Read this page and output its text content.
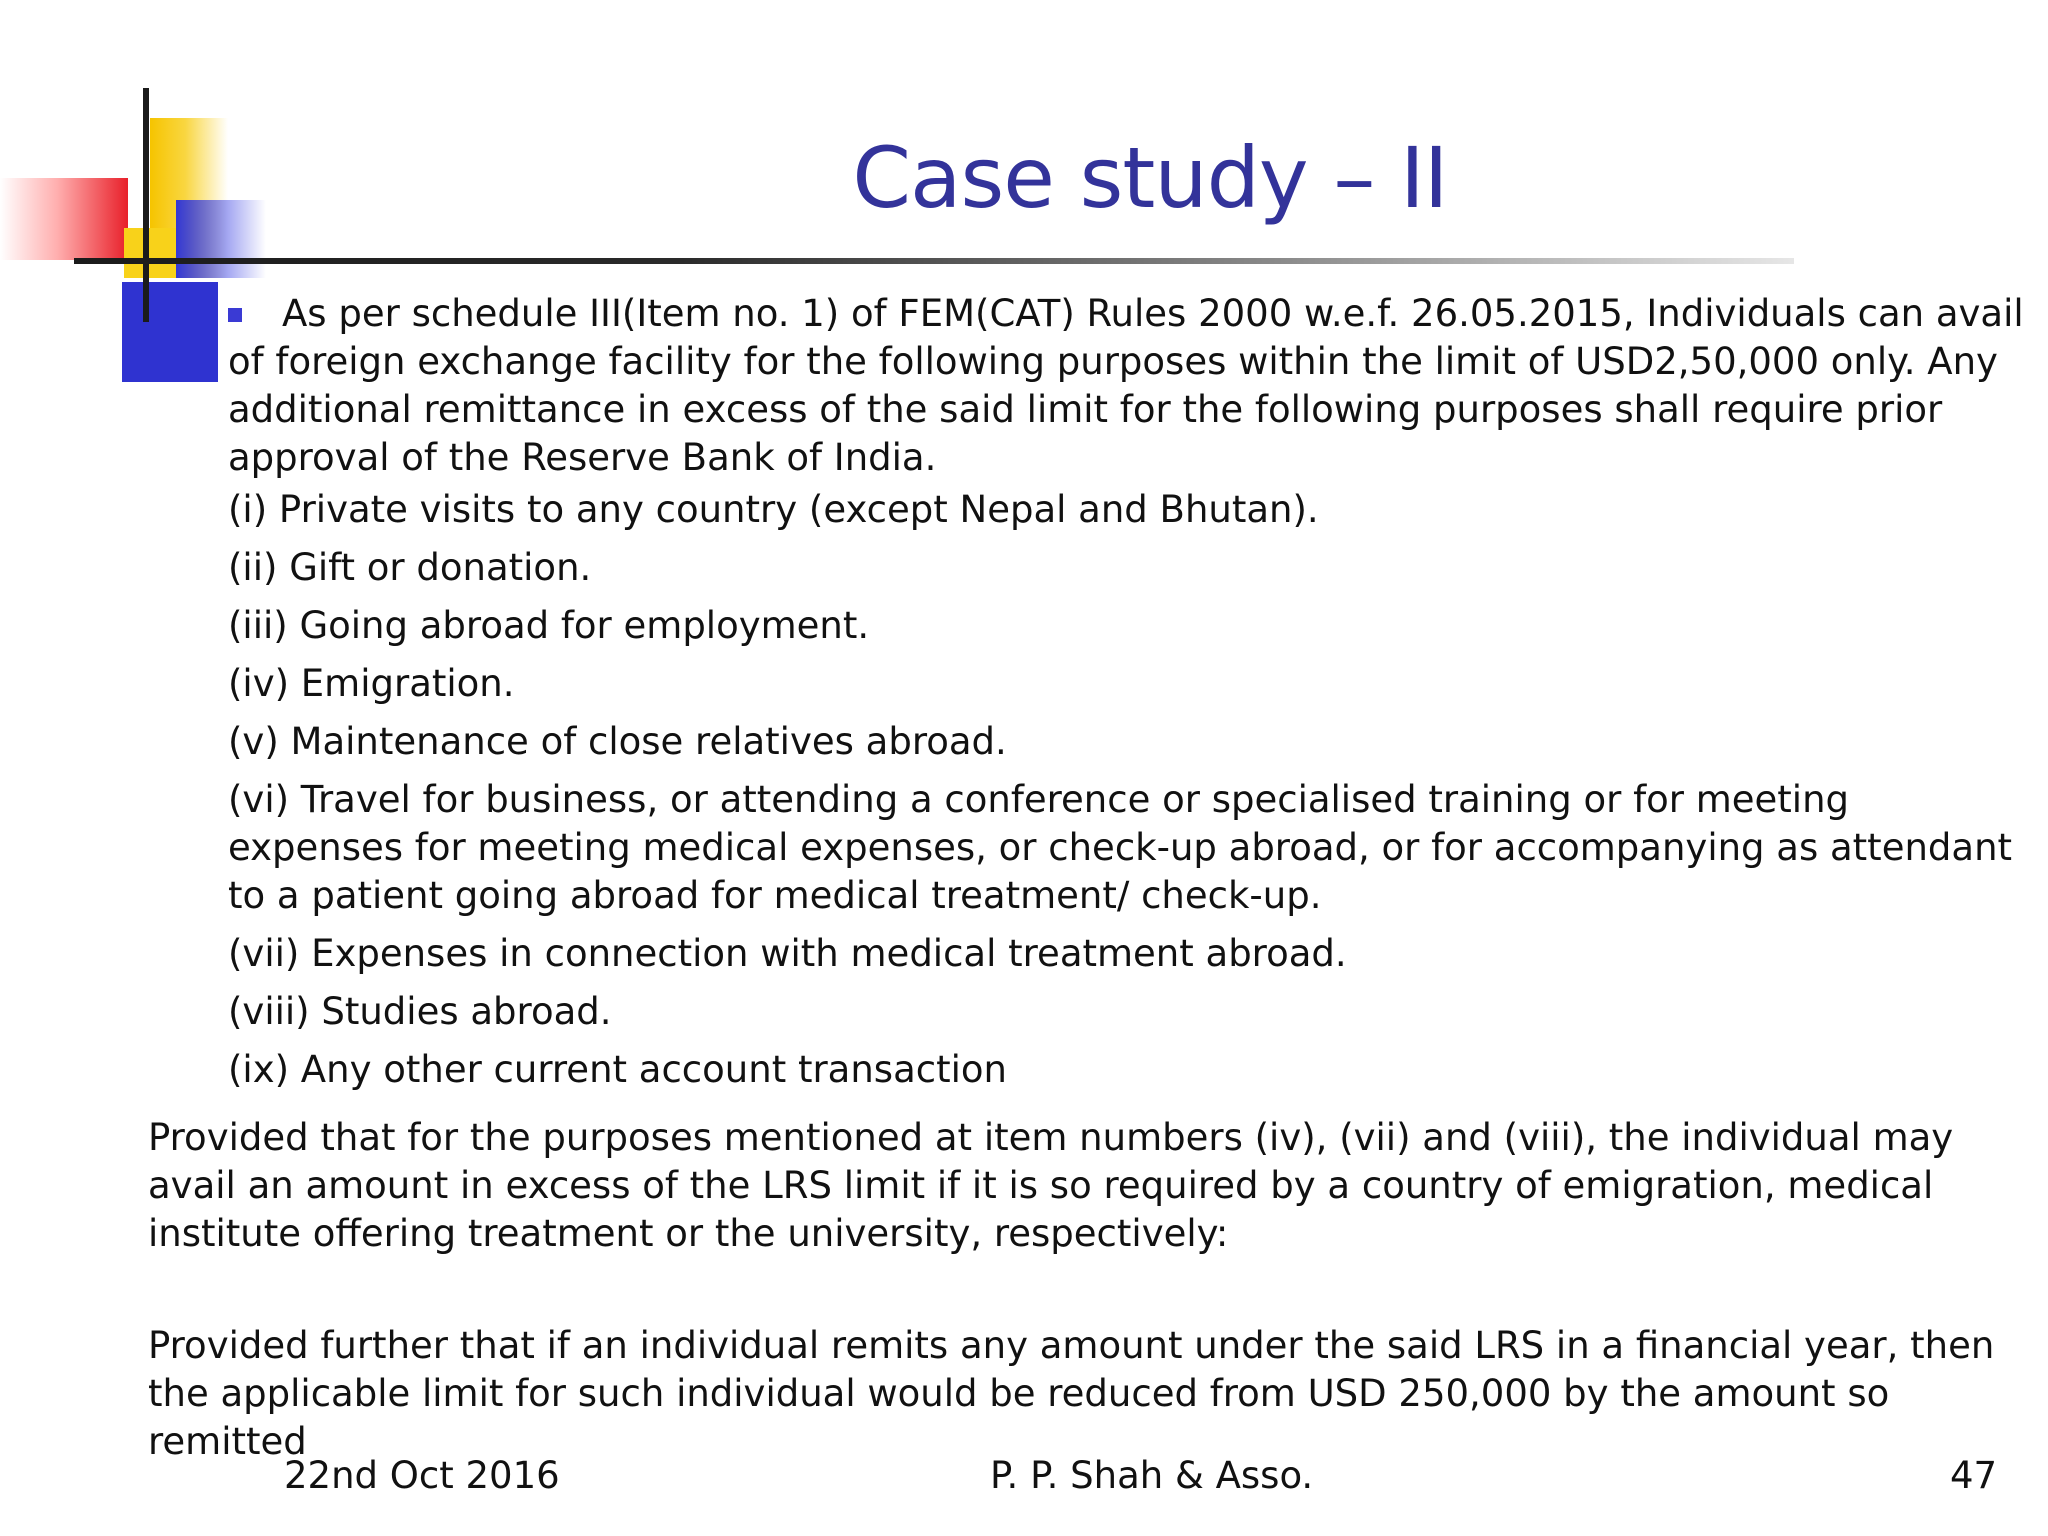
Case study – II

As per schedule III(Item no. 1) of FEM(CAT) Rules 2000 w.e.f. 26.05.2015, Individuals can avail of foreign exchange facility for the following purposes within the limit of USD2,50,000 only. Any additional remittance in excess of the said limit for the following purposes shall require prior approval of the Reserve Bank of India.

(i) Private visits to any country (except Nepal and Bhutan).

(ii) Gift or donation.

(iii) Going abroad for employment.

(iv) Emigration.

(v) Maintenance of close relatives abroad.

(vi) Travel for business, or attending a conference or specialised training or for meeting expenses for meeting medical expenses, or check-up abroad, or for accompanying as attendant to a patient going abroad for medical treatment/ check-up.

(vii) Expenses in connection with medical treatment abroad.

(viii) Studies abroad.

(ix) Any other current account transaction

Provided that for the purposes mentioned at item numbers (iv), (vii) and (viii), the individual may avail an amount in excess of the LRS limit if it is so required by a country of emigration, medical institute offering treatment or the university, respectively:

Provided further that if an individual remits any amount under the said LRS in a financial year, then the applicable limit for such individual would be reduced from USD 250,000 by the amount so remitted

22nd Oct 2016	P. P. Shah & Asso.	47
